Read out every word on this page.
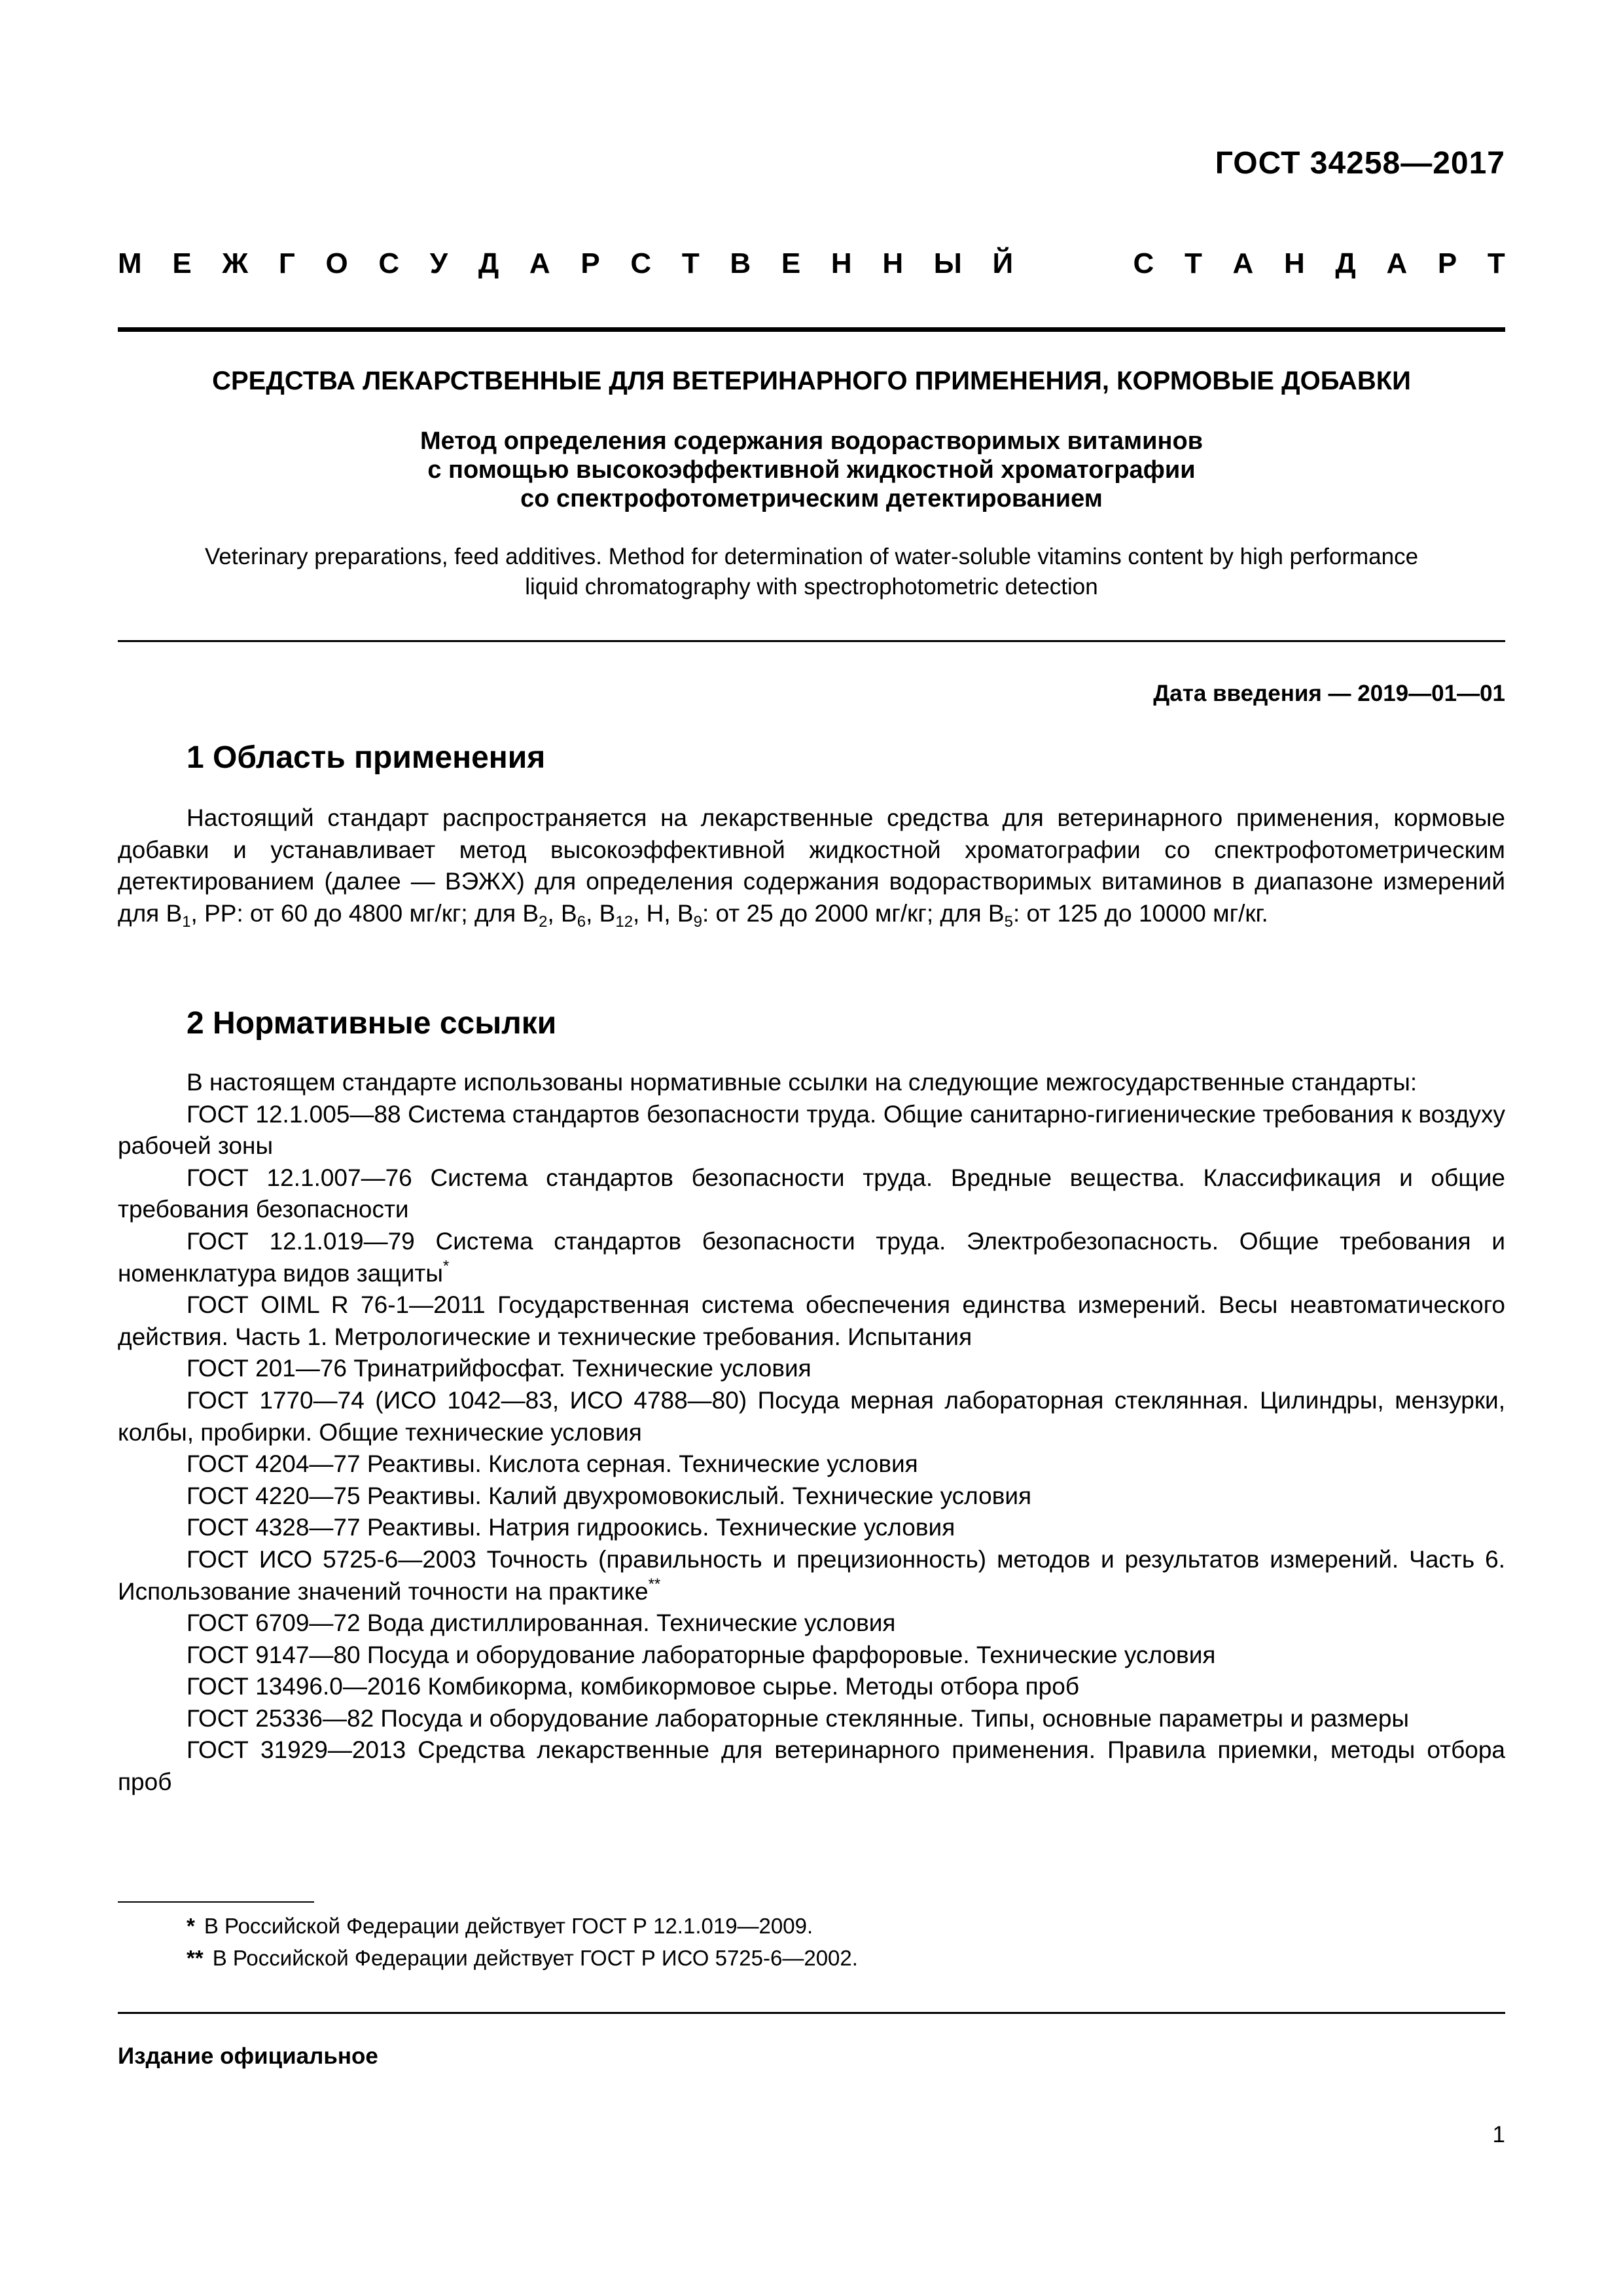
ГОСТ 34258—2017
М Е Ж Г О С У Д А Р С Т В Е Н Н Ы Й	С Т А Н Д А Р Т
СРЕДСТВА ЛЕКАРСТВЕННЫЕ ДЛЯ ВЕТЕРИНАРНОГО ПРИМЕНЕНИЯ, КОРМОВЫЕ ДОБАВКИ
Метод определения содержания водорастворимых витаминов
с помощью высокоэффективной жидкостной хроматографии
со спектрофотометрическим детектированием
Veterinary preparations, feed additives. Method for determination of water-soluble vitamins content by high performance
liquid chromatography with spectrophotometric detection
Дата введения — 2019—01—01
1 Область применения

Настоящий стандарт распространяется на лекарственные средства для ветеринарного применения, кормовые добавки и устанавливает метод высокоэффективной жидкостной хроматографии со спектрофотометрическим детектированием (далее — ВЭЖХ) для определения содержания водорастворимых витаминов в диапазоне измерений для $B_1$, PP: от 60 до 4800 мг/кг; для $B_2$, $B_6$, $B_{12}$, H, $B_9$: от 25 до 2000 мг/кг; для $B_5$: от 125 до 10000 мг/кг.

2 Нормативные ссылки

В настоящем стандарте использованы нормативные ссылки на следующие межгосударственные стандарты:

ГОСТ 12.1.005—88 Система стандартов безопасности труда. Общие санитарно-гигиенические требования к воздуху рабочей зоны

ГОСТ 12.1.007—76 Система стандартов безопасности труда. Вредные вещества. Классификация и общие требования безопасности

ГОСТ 12.1.019—79 Система стандартов безопасности труда. Электробезопасность. Общие требования и номенклатура видов защиты*

ГОСТ OIML R 76-1—2011 Государственная система обеспечения единства измерений. Весы неавтоматического действия. Часть 1. Метрологические и технические требования. Испытания

ГОСТ 201—76 Тринатрийфосфат. Технические условия

ГОСТ 1770—74 (ИСО 1042—83, ИСО 4788—80) Посуда мерная лабораторная стеклянная. Цилиндры, мензурки, колбы, пробирки. Общие технические условия

ГОСТ 4204—77 Реактивы. Кислота серная. Технические условия

ГОСТ 4220—75 Реактивы. Калий двухромовокислый. Технические условия

ГОСТ 4328—77 Реактивы. Натрия гидроокись. Технические условия

ГОСТ ИСО 5725-6—2003 Точность (правильность и прецизионность) методов и результатов измерений. Часть 6. Использование значений точности на практике**

ГОСТ 6709—72 Вода дистиллированная. Технические условия

ГОСТ 9147—80 Посуда и оборудование лабораторные фарфоровые. Технические условия

ГОСТ 13496.0—2016 Комбикорма, комбикормовое сырье. Методы отбора проб

ГОСТ 25336—82 Посуда и оборудование лабораторные стеклянные. Типы, основные параметры и размеры

ГОСТ 31929—2013 Средства лекарственные для ветеринарного применения. Правила приемки, методы отбора проб

* В Российской Федерации действует ГОСТ Р 12.1.019—2009.
** В Российской Федерации действует ГОСТ Р ИСО 5725-6—2002.
Издание официальное
1
